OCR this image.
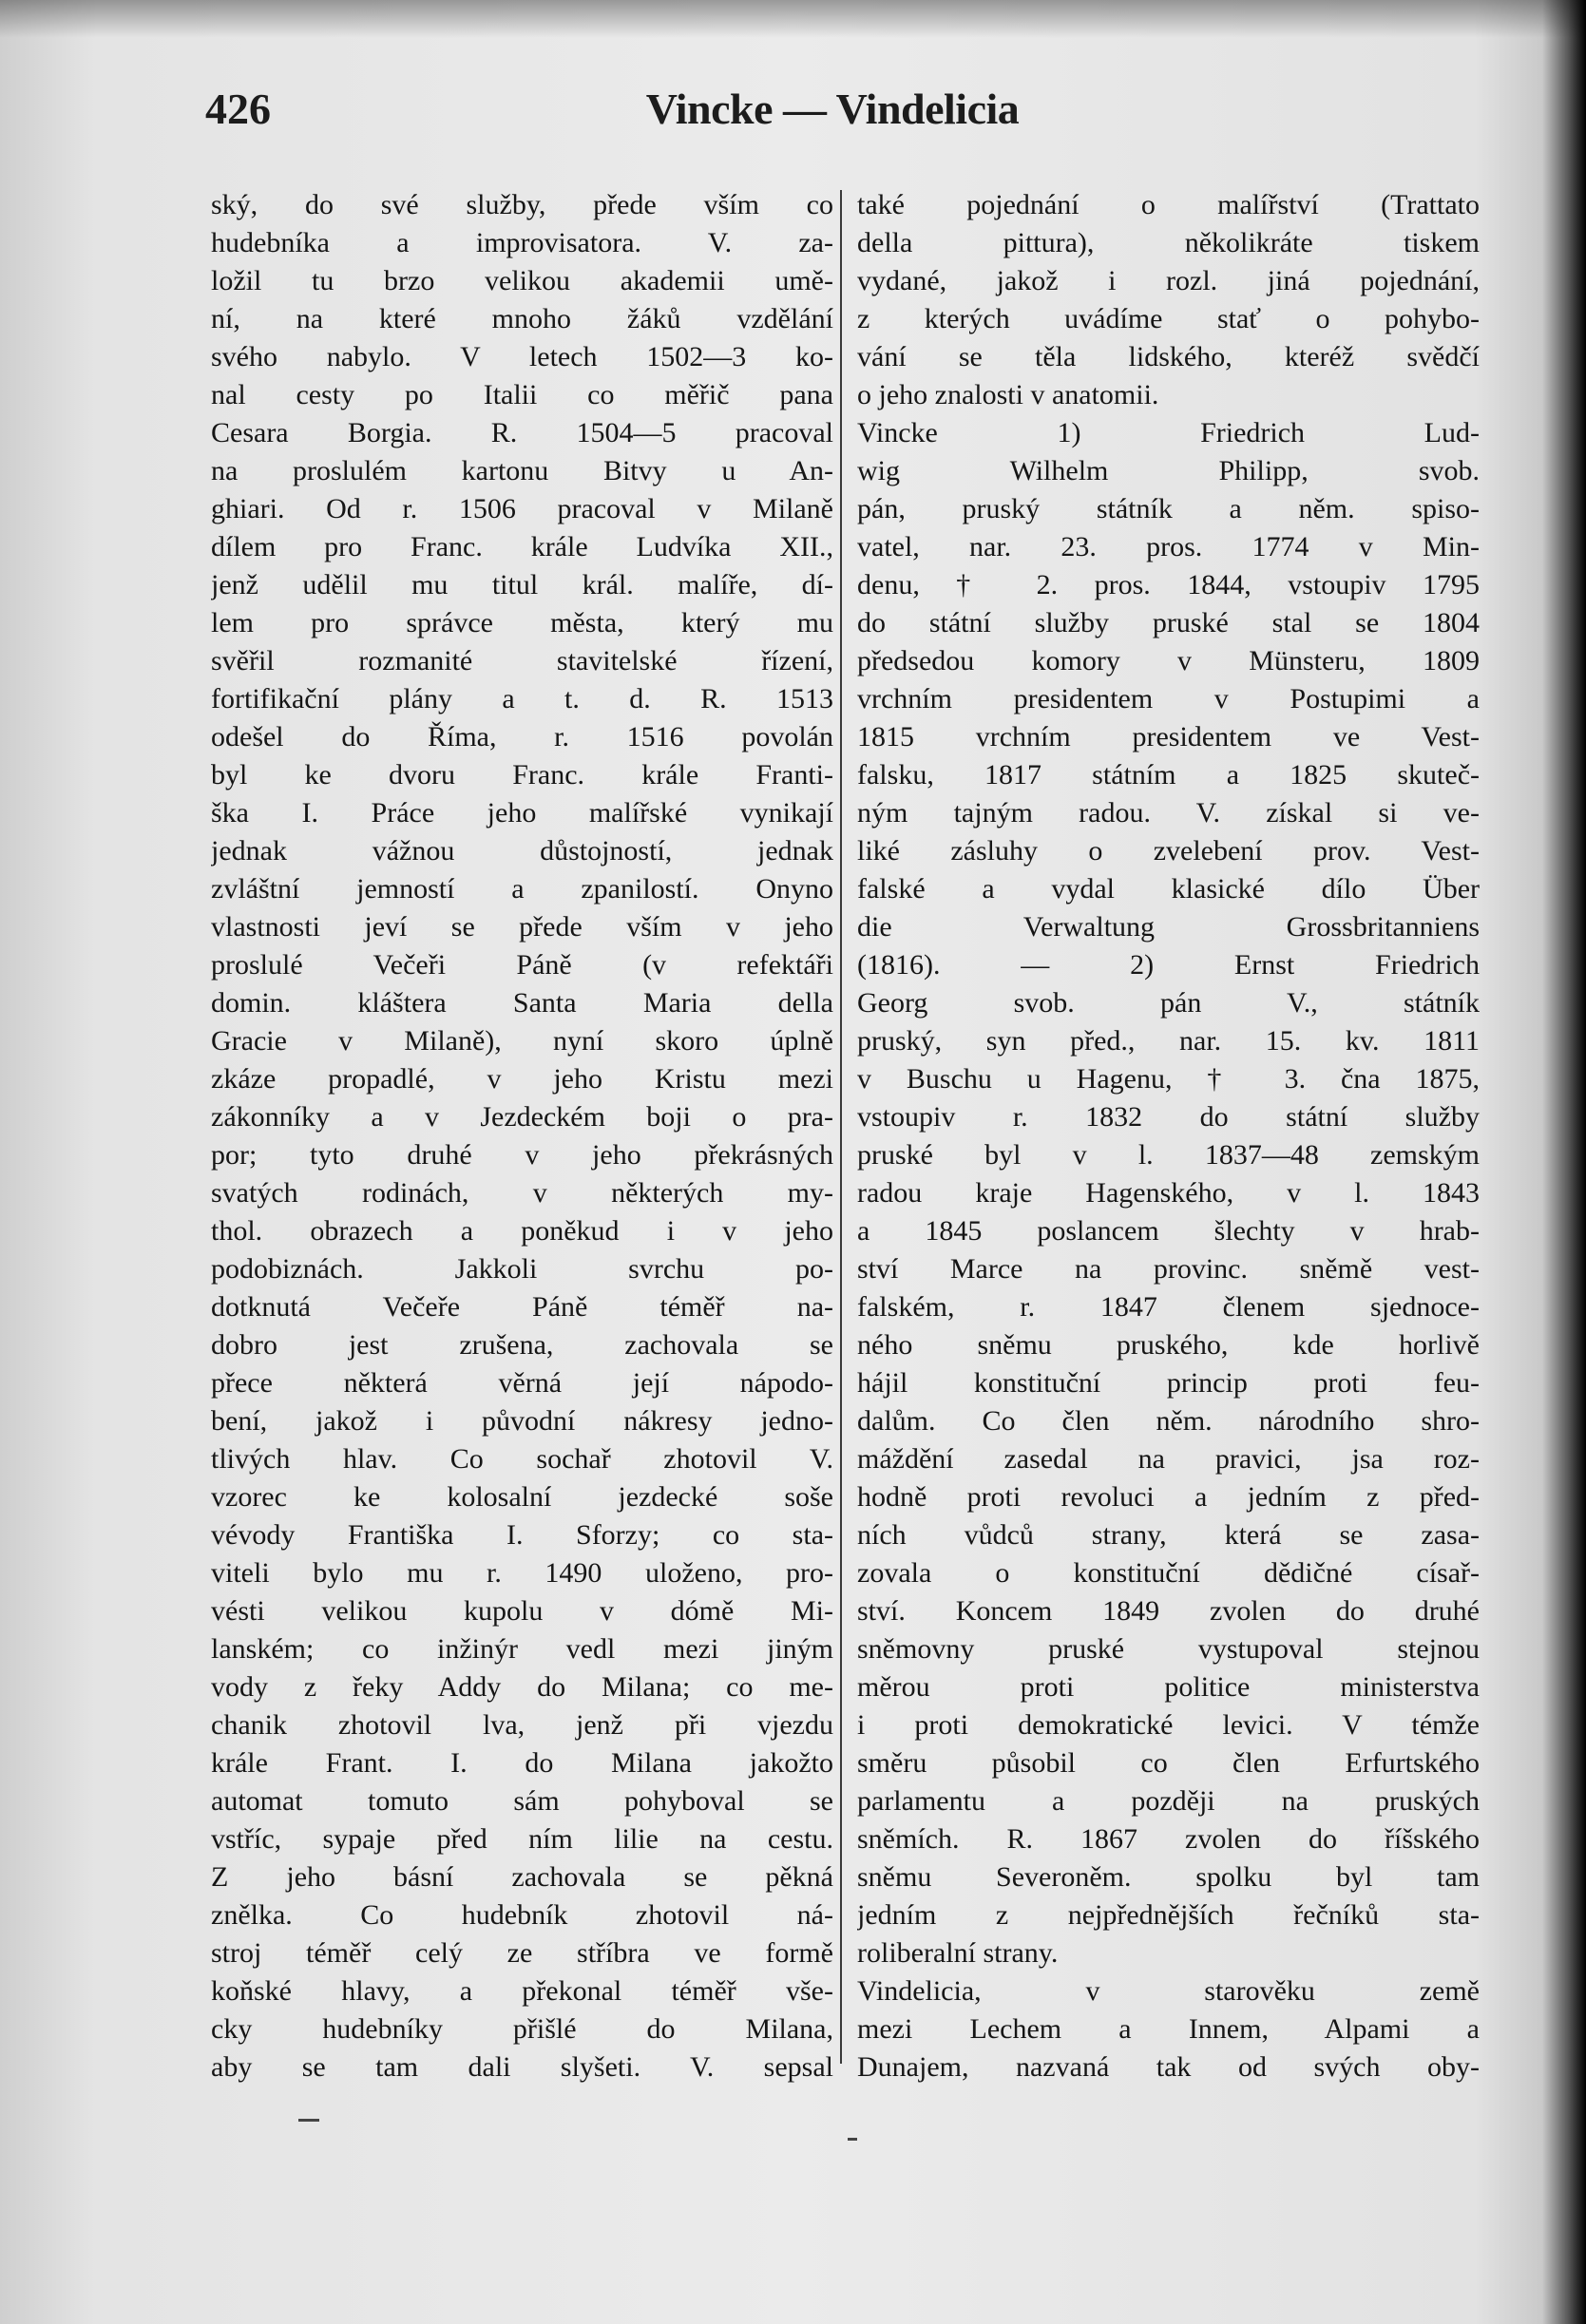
426	Vincke — Vindelicia
ský, do své služby, přede vším co
hudebníka a improvisatora. V. za-
ložil tu brzo velikou akademii umě-
ní, na které mnoho žáků vzdělání
svého nabylo. V letech 1502—3 ko-
nal cesty po Italii co měřič pana
Cesara Borgia. R. 1504—5 pracoval
na proslulém kartonu Bitvy u An-
ghiari. Od r. 1506 pracoval v Milaně
dílem pro Franc. krále Ludvíka XII.,
jenž udělil mu titul král. malíře, dí-
lem pro správce města, který mu
svěřil rozmanité stavitelské řízení,
fortifikační plány a t. d. R. 1513
odešel do Říma, r. 1516 povolán
byl ke dvoru Franc. krále Franti-
ška I. Práce jeho malířské vynikají
jednak vážnou důstojností, jednak
zvláštní jemností a zpanilostí. Onyno
vlastnosti jeví se přede vším v jeho
proslulé Večeři Páně (v refektáři
domin. kláštera Santa Maria della
Gracie v Milaně), nyní skoro úplně
zkáze propadlé, v jeho Kristu mezi
zákonníky a v Jezdeckém boji o pra-
por; tyto druhé v jeho překrásných
svatých rodinách, v některých my-
thol. obrazech a poněkud i v jeho
podobiznách. Jakkoli svrchu po-
dotknutá Večeře Páně téměř na-
dobro jest zrušena, zachovala se
přece některá věrná její nápodo-
bení, jakož i původní nákresy jedno-
tlivých hlav. Co sochař zhotovil V.
vzorec ke kolosalní jezdecké soše
vévody Františka I. Sforzy; co sta-
viteli bylo mu r. 1490 uloženo, pro-
vésti velikou kupolu v dómě Mi-
lanském; co inžinýr vedl mezi jiným
vody z řeky Addy do Milana; co me-
chanik zhotovil lva, jenž při vjezdu
krále Frant. I. do Milana jakožto
automat tomuto sám pohyboval se
vstříc, sypaje před ním lilie na cestu.
Z jeho básní zachovala se pěkná
znělka. Co hudebník zhotovil ná-
stroj téměř celý ze stříbra ve formě
koňské hlavy, a překonal téměř vše-
cky hudebníky přišlé do Milana,
aby se tam dali slyšeti. V. sepsal
také pojednání o malířství (Trattato
della pittura), několikráte tiskem
vydané, jakož i rozl. jiná pojednání,
z kterých uvádíme stať o pohybo-
vání se těla lidského, kteréž svědčí
o jeho znalosti v anatomii.
Vincke 1) Friedrich Lud-
wig Wilhelm Philipp, svob.
pán, pruský státník a něm. spiso-
vatel, nar. 23. pros. 1774 v Min-
denu, † 2. pros. 1844, vstoupiv 1795
do státní služby pruské stal se 1804
předsedou komory v Münsteru, 1809
vrchním presidentem v Postupimi a
1815 vrchním presidentem ve Vest-
falsku, 1817 státním a 1825 skuteč-
ným tajným radou. V. získal si ve-
liké zásluhy o zvelebení prov. Vest-
falské a vydal klasické dílo Über
die Verwaltung Grossbritanniens
(1816). — 2) Ernst Friedrich
Georg svob. pán V., státník
pruský, syn před., nar. 15. kv. 1811
v Buschu u Hagenu, † 3. čna 1875,
vstoupiv r. 1832 do státní služby
pruské byl v l. 1837—48 zemským
radou kraje Hagenského, v l. 1843
a 1845 poslancem šlechty v hrab-
ství Marce na provinc. sněmě vest-
falském, r. 1847 členem sjednoce-
ného sněmu pruského, kde horlivě
hájil konstituční princip proti feu-
dalům. Co člen něm. národního shro-
máždění zasedal na pravici, jsa roz-
hodně proti revoluci a jedním z před-
ních vůdců strany, která se zasa-
zovala o konstituční dědičné císař-
ství. Koncem 1849 zvolen do druhé
sněmovny pruské vystupoval stejnou
měrou proti politice ministerstva
i proti demokratické levici. V témže
směru působil co člen Erfurtského
parlamentu a později na pruských
sněmích. R. 1867 zvolen do říšského
sněmu Severoněm. spolku byl tam
jedním z nejpřednějších řečníků sta-
roliberalní strany.
Vindelicia, v starověku země
mezi Lechem a Innem, Alpami a
Dunajem, nazvaná tak od svých oby-
